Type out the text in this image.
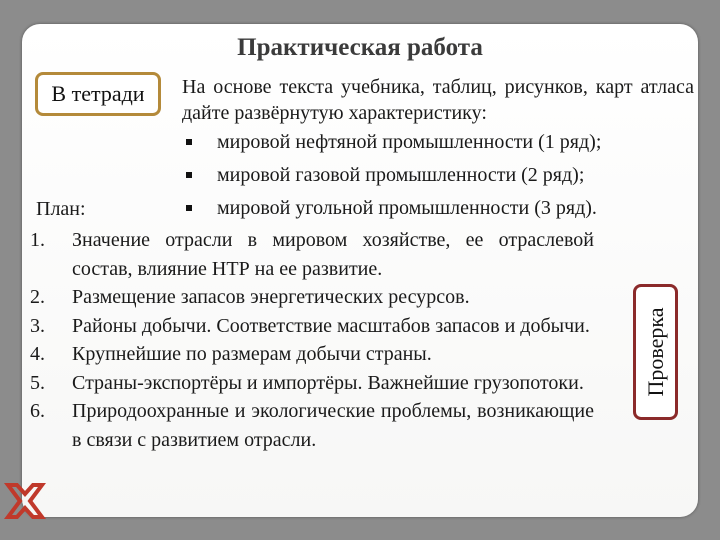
Практическая работа
В тетради	На основе текста учебника, таблиц, рисунков, карт атласа дайте развёрнутую характеристику:
мировой нефтяной промышленности (1 ряд);
мировой газовой промышленности (2 ряд);
мировой угольной промышленности (3 ряд).
План:
1. Значение отрасли в мировом хозяйстве, ее отраслевой состав, влияние НТР на ее развитие.
2. Размещение запасов энергетических ресурсов.
3. Районы добычи. Соответствие масштабов запасов и добычи.
4. Крупнейшие по размерам добычи страны.
5. Страны-экспортёры и импортёры. Важнейшие грузопотоки.
6. Природоохранные и экологические проблемы, возникающие в связи с развитием отрасли.
Проверка
